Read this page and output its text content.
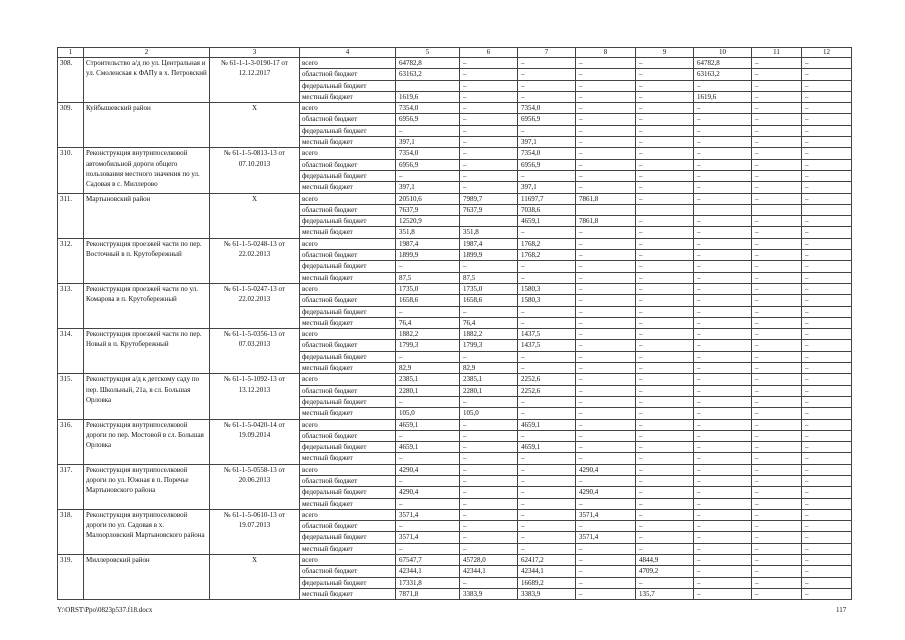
1	2	3	4	5	6	7	8	9	10	11	12
308.	Строительство а/д по ул. Центральная и ул. Смоленская к ФАПу в х. Петровский	№ 61-1-1-3-0190-17 от 12.12.2017	всего	64782,8	–	–	–	–	64782,8	–	–
			областной бюджет	63163,2	–	–	–	–	63163,2	–	–
			федеральный бюджет		–	–	–	–	–	–	–
			местный бюджет	1619,6	–	–	–	–	1619,6	–	–
309.	Куйбышевский район	Х	всего	7354,0	–	7354,0	–	–	–	–	–
			областной бюджет	6956,9	–	6956,9	–	–	–	–	–
			федеральный бюджет	–	–	–	–	–	–	–	–
			местный бюджет	397,1	–	397,1	–	–	–	–	–
310.	Реконструкция внутрипоселковой автомобильной дороги общего пользования местного значения по ул. Садовая в с. Миллерово	№ 61-1-5-0813-13 от 07.10.2013	всего	7354,0	–	7354,0	–	–	–	–	–
			областной бюджет	6956,9	–	6956,9	–	–	–	–	–
			федеральный бюджет	–	–	–	–	–	–	–	–
			местный бюджет	397,1	–	397,1	–	–	–	–	–
311.	Мартыновский район	Х	всего	20510,6	7989,7	11697,7	7861,8	–	–	–	–
			областной бюджет	7637,9	7637,9	7038,6					
			федеральный бюджет	12520,9		4659,1	7861,8	–	–	–	–
			местный бюджет	351,8	351,8	–	–	–	–	–	–
312.	Реконструкция проезжей части по пер. Восточный в п. Крутобережный	№ 61-1-5-0248-13 от 22.02.2013	всего	1987,4	1987,4	1768,2	–	–	–	–	–
			областной бюджет	1899,9	1899,9	1768,2	–	–	–	–	–
			федеральный бюджет	–	–	–	–	–	–	–	–
			местный бюджет	87,5	87,5	–	–	–	–	–	–
313.	Реконструкция проезжей части по ул. Комарова в п. Крутобережный	№ 61-1-5-0247-13 от 22.02.2013	всего	1735,0	1735,0	1580,3	–	–	–	–	–
			областной бюджет	1658,6	1658,6	1580,3	–	–	–	–	–
			федеральный бюджет	–	–	–	–	–	–	–	–
			местный бюджет	76,4	76,4	–	–	–	–	–	–
314.	Реконструкция проезжей части по пер. Новый в п. Крутобережный	№ 61-1-5-0356-13 от 07.03.2013	всего	1882,2	1882,2	1437,5	–	–	–	–	–
			областной бюджет	1799,3	1799,3	1437,5	–	–	–	–	–
			федеральный бюджет	–	–	–	–	–	–	–	–
			местный бюджет	82,9	82,9	–	–	–	–	–	–
315.	Реконструкция а/д к детскому саду по пер. Школьный, 21а, в сл. Большая Орловка	№ 61-1-5-1092-13 от 13.12.2013	всего	2385,1	2385,1	2252,6	–	–	–	–	–
			областной бюджет	2280,1	2280,1	2252,6	–	–	–	–	–
			федеральный бюджет	–	–	–	–	–	–	–	–
			местный бюджет	105,0	105,0	–	–	–	–	–	–
316.	Реконструкция внутрипоселковой дороги по пер. Мостовой в сл. Большая Орловка	№ 61-1-5-0420-14 от 19.09.2014	всего	4659,1	–	4659,1	–	–	–	–	–
			областной бюджет	–	–	–	–	–	–	–	–
			федеральный бюджет	4659,1	–	4659,1	–	–	–	–	–
			местный бюджет	–	–	–	–	–	–	–	–
317.	Реконструкция внутрипоселковой дороги по ул. Южная в п. Поречье Мартыновского района	№ 61-1-5-0558-13 от 20.06.2013	всего	4290,4	–	–	4290,4	–	–	–	–
			областной бюджет	–	–	–	–	–	–	–	–
			федеральный бюджет	4290,4	–	–	4290,4	–	–	–	–
			местный бюджет	–	–	–	–	–	–	–	–
318.	Реконструкция внутрипоселковой дороги по ул. Садовая в х. Малоорловский Мартыновского района	№ 61-1-5-0610-13 от 19.07.2013	всего	3571,4	–	–	3571,4	–	–	–	–
			областной бюджет	–	–	–	–	–	–	–	–
			федеральный бюджет	3571,4	–	–	3571,4	–	–	–	–
			местный бюджет	–	–	–	–	–	–	–	–
319.	Миллеровский район	Х	всего	67547,7	45728,0	62417,2	–	4844,9	–	–	–
			областной бюджет	42344,1	42344,1	42344,1	–	4709,2	–	–	–
			федеральный бюджет	17331,8	–	16689,2	–	–	–	–	–
			местный бюджет	7871,8	3383,9	3383,9	–	135,7	–	–	–
Y:\ORST\Ppo\0823p537.f18.docx	117
